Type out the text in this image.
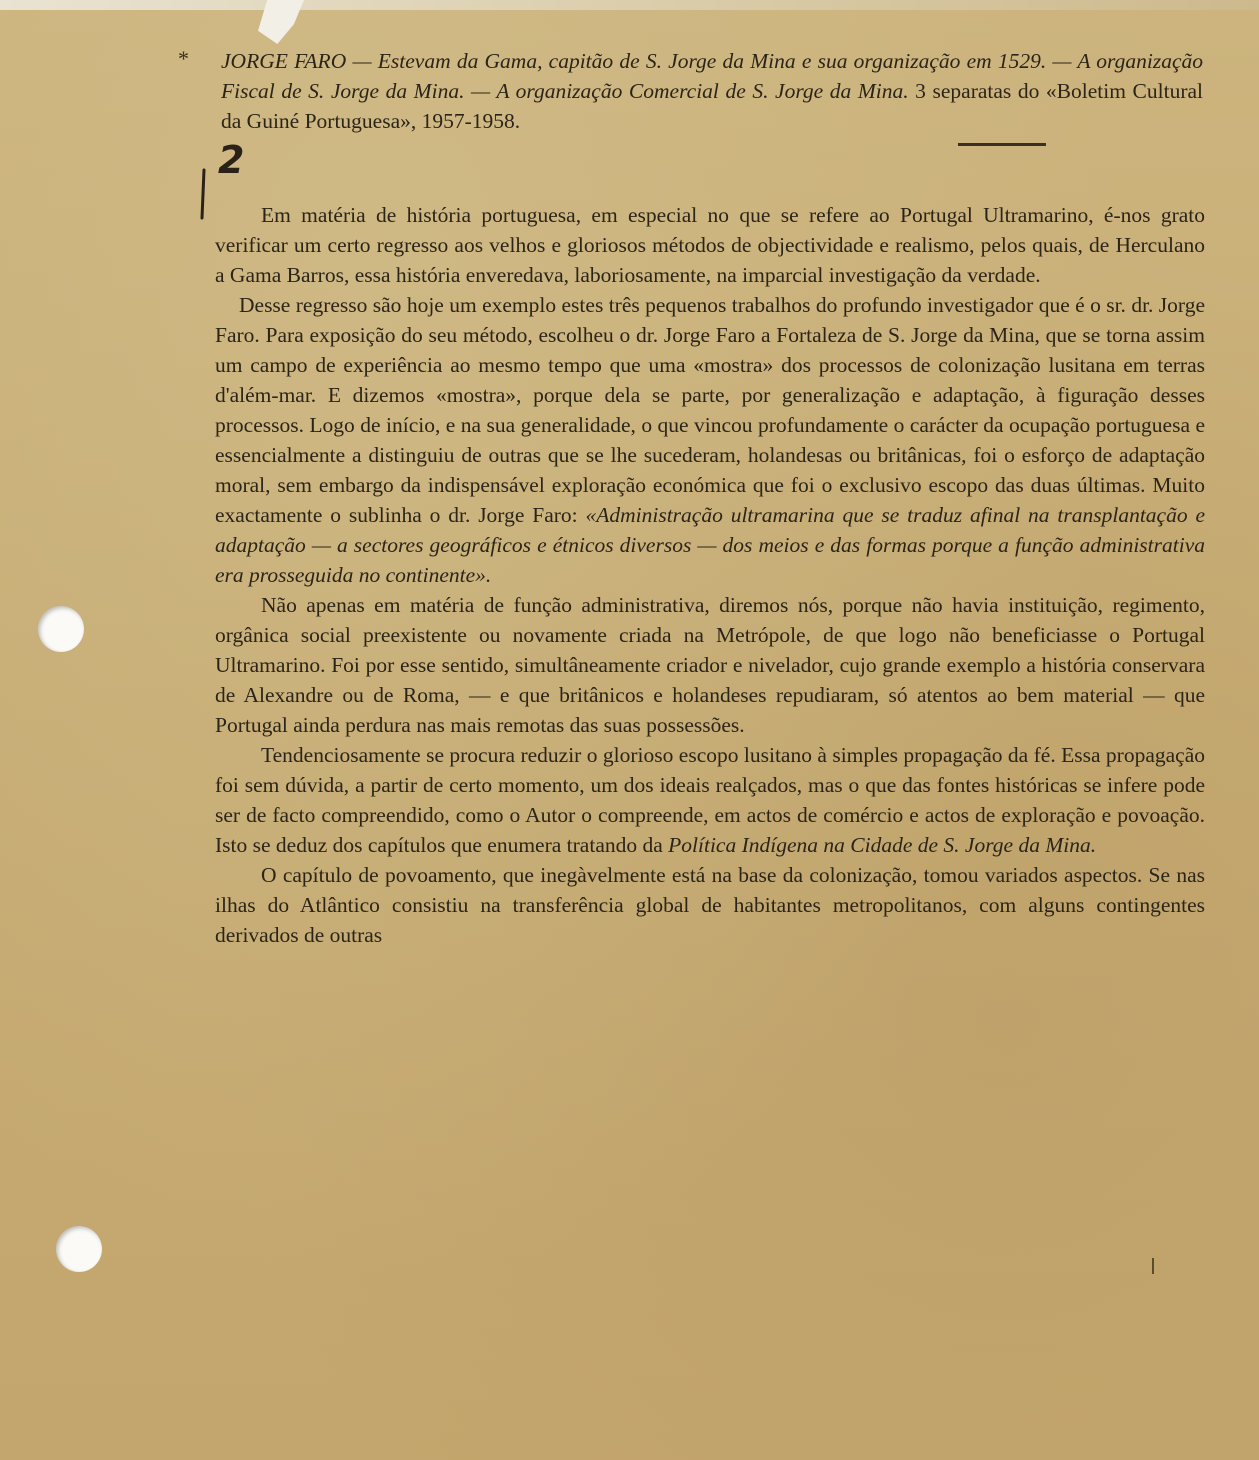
*
2

JORGE FARO — Estevam da Gama, capitão de S. Jorge da Mina e sua organização em 1529. — A organização Fiscal de S. Jorge da Mina. — A organização Comercial de S. Jorge da Mina. 3 separatas do «Boletim Cultural da Guiné Portuguesa», 1957-1958.

Em matéria de história portuguesa, em especial no que se refere ao Portugal Ultramarino, é-nos grato verificar um certo regresso aos velhos e gloriosos métodos de objectividade e realismo, pelos quais, de Herculano a Gama Barros, essa história enveredava, laboriosamente, na imparcial investigação da verdade.

Desse regresso são hoje um exemplo estes três pequenos trabalhos do profundo investigador que é o sr. dr. Jorge Faro. Para exposição do seu método, escolheu o dr. Jorge Faro a Fortaleza de S. Jorge da Mina, que se torna assim um campo de experiência ao mesmo tempo que uma «mostra» dos processos de colonização lusitana em terras d'além-mar. E dizemos «mostra», porque dela se parte, por generalização e adaptação, à figuração desses processos. Logo de início, e na sua generalidade, o que vincou profundamente o carácter da ocupação portuguesa e essencialmente a distinguiu de outras que se lhe sucederam, holandesas ou britânicas, foi o esforço de adaptação moral, sem embargo da indispensável exploração económica que foi o exclusivo escopo das duas últimas. Muito exactamente o sublinha o dr. Jorge Faro: «Administração ultramarina que se traduz afinal na transplantação e adaptação — a sectores geográficos e étnicos diversos — dos meios e das formas porque a função administrativa era prosseguida no continente».

Não apenas em matéria de função administrativa, diremos nós, porque não havia instituição, regimento, orgânica social preexistente ou novamente criada na Metrópole, de que logo não beneficiasse o Portugal Ultramarino. Foi por esse sentido, simultâneamente criador e nivelador, cujo grande exemplo a história conservara de Alexandre ou de Roma, — e que britânicos e holandeses repudiaram, só atentos ao bem material — que Portugal ainda perdura nas mais remotas das suas possessões.

Tendenciosamente se procura reduzir o glorioso escopo lusitano à simples propagação da fé. Essa propagação foi sem dúvida, a partir de certo momento, um dos ideais realçados, mas o que das fontes históricas se infere pode ser de facto compreendido, como o Autor o compreende, em actos de comércio e actos de exploração e povoação. Isto se deduz dos capítulos que enumera tratando da Política Indígena na Cidade de S. Jorge da Mina.

O capítulo de povoamento, que inegàvelmente está na base da colonização, tomou variados aspectos. Se nas ilhas do Atlântico consistiu na transferência global de habitantes metropolitanos, com alguns contingentes derivados de outras
